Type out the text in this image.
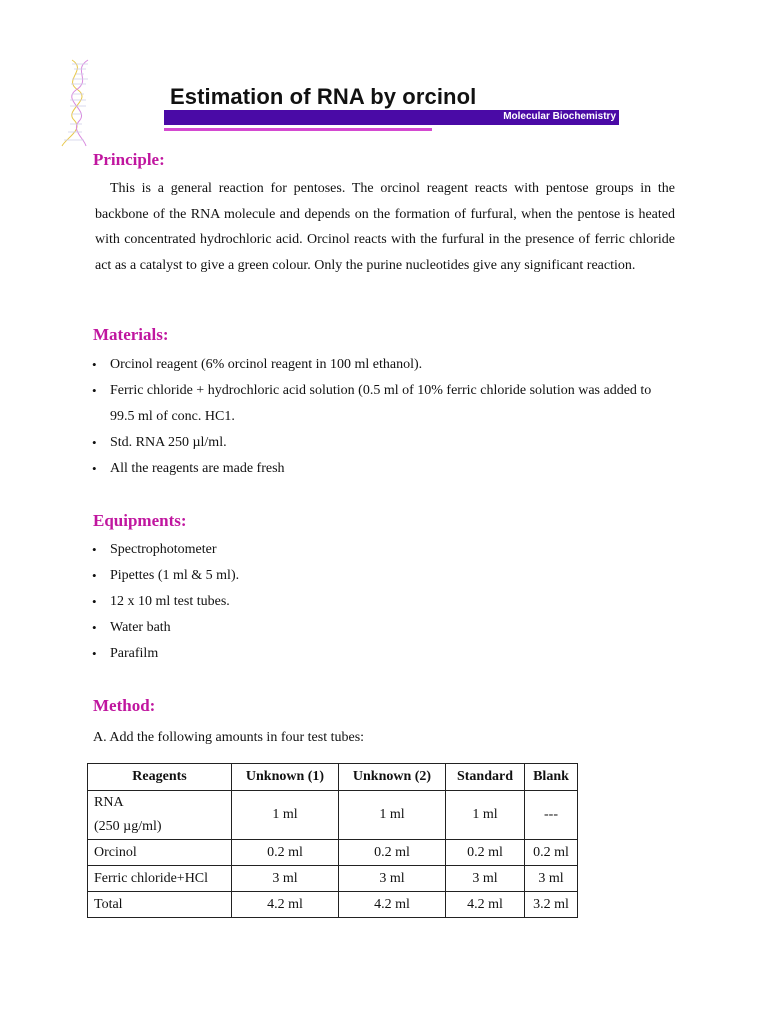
Estimation of RNA by orcinol
Molecular Biochemistry
Principle:
This is a general reaction for pentoses. The orcinol reagent reacts with pentose groups in the backbone of the RNA molecule and depends on the formation of furfural, when the pentose is heated with concentrated hydrochloric acid. Orcinol reacts with the furfural in the presence of ferric chloride act as a catalyst to give a green colour. Only the purine nucleotides give any significant reaction.
Materials:
• Orcinol reagent (6% orcinol reagent in 100 ml ethanol).
• Ferric chloride + hydrochloric acid solution (0.5 ml of 10% ferric chloride solution was added to 99.5 ml of conc. HC1.
• Std. RNA 250 µl/ml.
• All the reagents are made fresh
Equipments:
• Spectrophotometer
• Pipettes (1 ml & 5 ml).
• 12 x 10 ml test tubes.
• Water bath
• Parafilm
Method:
A. Add the following amounts in four test tubes:
Reagents	Unknown (1)	Unknown (2)	Standard	Blank

RNA
(250 µg/ml)	1 ml	1 ml	1 ml	---
Orcinol	0.2 ml	0.2 ml	0.2 ml	0.2 ml
Ferric chloride+HCl	3 ml	3 ml	3 ml	3 ml
Total	4.2 ml	4.2 ml	4.2 ml	3.2 ml
